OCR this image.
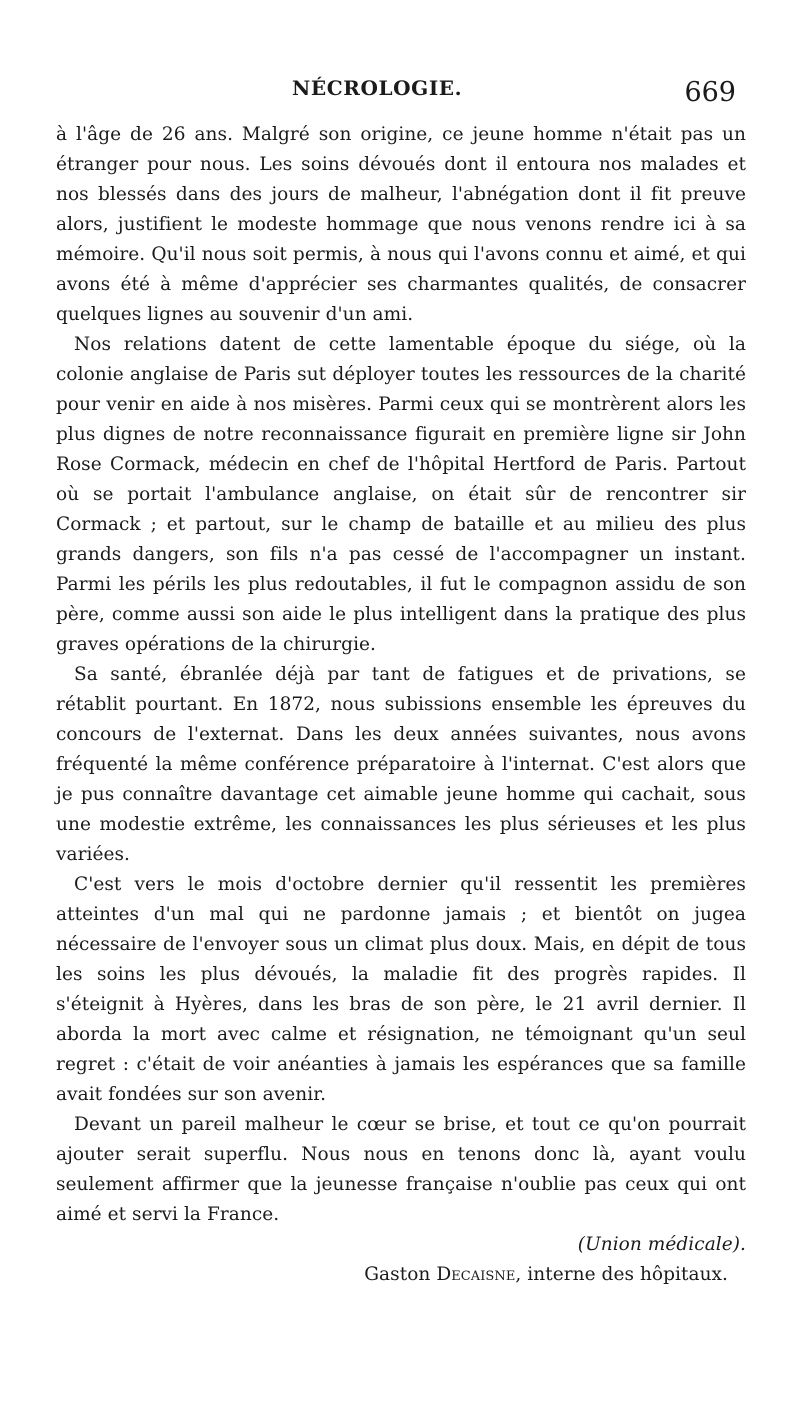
NÉCROLOGIE.	669

à l'âge de 26 ans. Malgré son origine, ce jeune homme n'était pas un étranger pour nous. Les soins dévoués dont il entoura nos malades et nos blessés dans des jours de malheur, l'abnégation dont il fit preuve alors, justifient le modeste hommage que nous venons rendre ici à sa mémoire. Qu'il nous soit permis, à nous qui l'avons connu et aimé, et qui avons été à même d'apprécier ses charmantes qualités, de consacrer quelques lignes au souvenir d'un ami.

Nos relations datent de cette lamentable époque du siége, où la colonie anglaise de Paris sut déployer toutes les ressources de la charité pour venir en aide à nos misères. Parmi ceux qui se montrèrent alors les plus dignes de notre reconnaissance figurait en première ligne sir John Rose Cormack, médecin en chef de l'hôpital Hertford de Paris. Partout où se portait l'ambulance anglaise, on était sûr de rencontrer sir Cormack ; et partout, sur le champ de bataille et au milieu des plus grands dangers, son fils n'a pas cessé de l'accompagner un instant. Parmi les périls les plus redoutables, il fut le compagnon assidu de son père, comme aussi son aide le plus intelligent dans la pratique des plus graves opérations de la chirurgie.

Sa santé, ébranlée déjà par tant de fatigues et de privations, se rétablit pourtant. En 1872, nous subissions ensemble les épreuves du concours de l'externat. Dans les deux années suivantes, nous avons fréquenté la même conférence préparatoire à l'internat. C'est alors que je pus connaître davantage cet aimable jeune homme qui cachait, sous une modestie extrême, les connaissances les plus sérieuses et les plus variées.

C'est vers le mois d'octobre dernier qu'il ressentit les premières atteintes d'un mal qui ne pardonne jamais ; et bientôt on jugea nécessaire de l'envoyer sous un climat plus doux. Mais, en dépit de tous les soins les plus dévoués, la maladie fit des progrès rapides. Il s'éteignit à Hyères, dans les bras de son père, le 21 avril dernier. Il aborda la mort avec calme et résignation, ne témoignant qu'un seul regret : c'était de voir anéanties à jamais les espérances que sa famille avait fondées sur son avenir.

Devant un pareil malheur le cœur se brise, et tout ce qu'on pourrait ajouter serait superflu. Nous nous en tenons donc là, ayant voulu seulement affirmer que la jeunesse française n'oublie pas ceux qui ont aimé et servi la France.

(Union médicale).
Gaston Decaisne, interne des hôpitaux.
